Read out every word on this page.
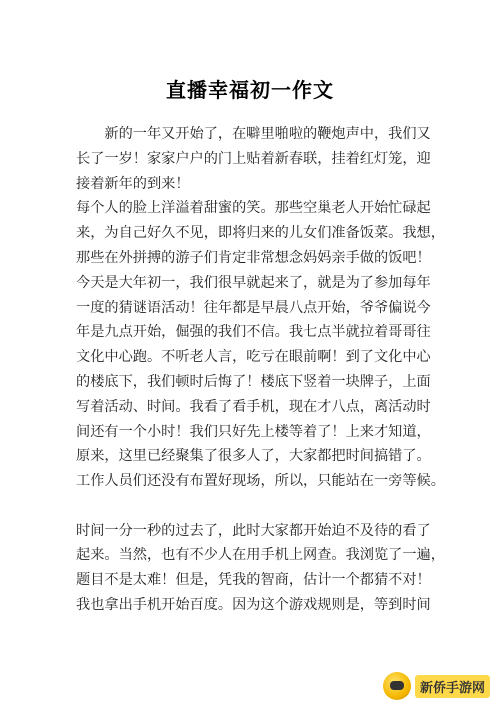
直播幸福初一作文
　　新的一年又开始了，在噼里啪啦的鞭炮声中，我们又
长了一岁！家家户户的门上贴着新春联，挂着红灯笼，迎
接着新年的到来！
每个人的脸上洋溢着甜蜜的笑。那些空巢老人开始忙碌起
来，为自己好久不见，即将归来的儿女们准备饭菜。我想，
那些在外拼搏的游子们肯定非常想念妈妈亲手做的饭吧！
今天是大年初一，我们很早就起来了，就是为了参加每年
一度的猜谜语活动！往年都是早晨八点开始，爷爷偏说今
年是九点开始，倔强的我们不信。我七点半就拉着哥哥往
文化中心跑。不听老人言，吃亏在眼前啊！到了文化中心
的楼底下，我们顿时后悔了！楼底下竖着一块牌子，上面
写着活动、时间。我看了看手机，现在才八点，离活动时
间还有一个小时！我们只好先上楼等着了！上来才知道，
原来，这里已经聚集了很多人了，大家都把时间搞错了。
工作人员们还没有布置好现场，所以，只能站在一旁等候。
时间一分一秒的过去了，此时大家都开始迫不及待的看了
起来。当然，也有不少人在用手机上网查。我浏览了一遍，
题目不是太难！但是，凭我的智商，估计一个都猜不对！
我也拿出手机开始百度。因为这个游戏规则是，等到时间
新侨手游网
